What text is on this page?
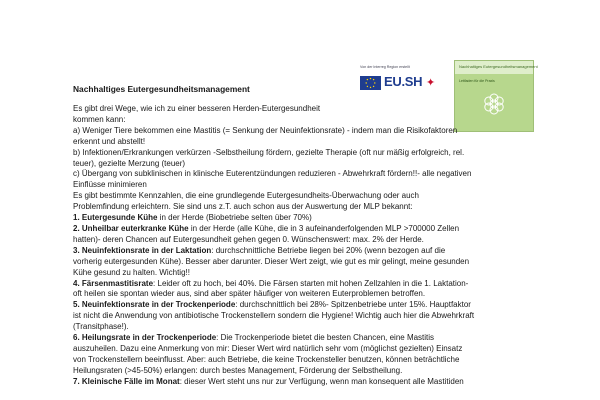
Von der Interreg Region erstellt
EU.SH ✦
Nachhaltiges Eutergesundheitsmanagement
Leitfaden für die Praxis
Nachhaltiges Eutergesundheitsmanagement

Es gibt drei Wege, wie ich zu einer besseren Herden-Eutergesundheit

kommen kann:

a) Weniger Tiere bekommen eine Mastitis (= Senkung der Neuinfektionsrate) - indem man die Risikofaktoren

erkennt und abstellt!

b) Infektionen/Erkrankungen verkürzen -Selbstheilung fördern, gezielte Therapie (oft nur mäßig erfolgreich, rel.

teuer), gezielte Merzung (teuer)

c) Übergang von subklinischen in klinische Euterentzündungen reduzieren - Abwehrkraft fördern!!- alle negativen

Einflüsse minimieren

Es gibt bestimmte Kennzahlen, die eine grundlegende Eutergesundheits-Überwachung oder auch

Problemfindung erleichtern. Sie sind uns z.T. auch schon aus der Auswertung der MLP bekannt:

1. Eutergesunde Kühe in der Herde (Biobetriebe selten über 70%)

2. Unheilbar euterkranke Kühe in der Herde (alle Kühe, die in 3 aufeinanderfolgenden MLP >700000 Zellen

hatten)- deren Chancen auf Eutergesundheit gehen gegen 0. Wünschenswert: max. 2% der Herde.

3. Neuinfektionsrate in der Laktation: durchschnittliche Betriebe liegen bei 20% (wenn bezogen auf die

vorherig eutergesunden Kühe). Besser aber darunter. Dieser Wert zeigt, wie gut es mir gelingt, meine gesunden

Kühe gesund zu halten. Wichtig!!

4. Färsenmastitisrate: Leider oft zu hoch, bei 40%. Die Färsen starten mit hohen Zellzahlen in die 1. Laktation-

oft heilen sie spontan wieder aus, sind aber später häufiger von weiteren Euterproblemen betroffen.

5. Neuinfektionsrate in der Trockenperiode: durchschnittlich bei 28%- Spitzenbetriebe unter 15%. Hauptfaktor

ist nicht die Anwendung von antibiotische Trockenstellern sondern die Hygiene! Wichtig auch hier die Abwehrkraft

(Transitphase!).

6. Heilungsrate in der Trockenperiode: Die Trockenperiode bietet die besten Chancen, eine Mastitis

auszuheilen. Dazu eine Anmerkung von mir: Dieser Wert wird natürlich sehr vom (möglichst gezielten) Einsatz

von Trockenstellern beeinflusst. Aber: auch Betriebe, die keine Trockensteller benutzen, können beträchtliche

Heilungsraten (>45-50%) erlangen: durch bestes Management, Förderung der Selbstheilung.

7. Kleinische Fälle im Monat: dieser Wert steht uns nur zur Verfügung, wenn man konsequent alle Mastitiden
